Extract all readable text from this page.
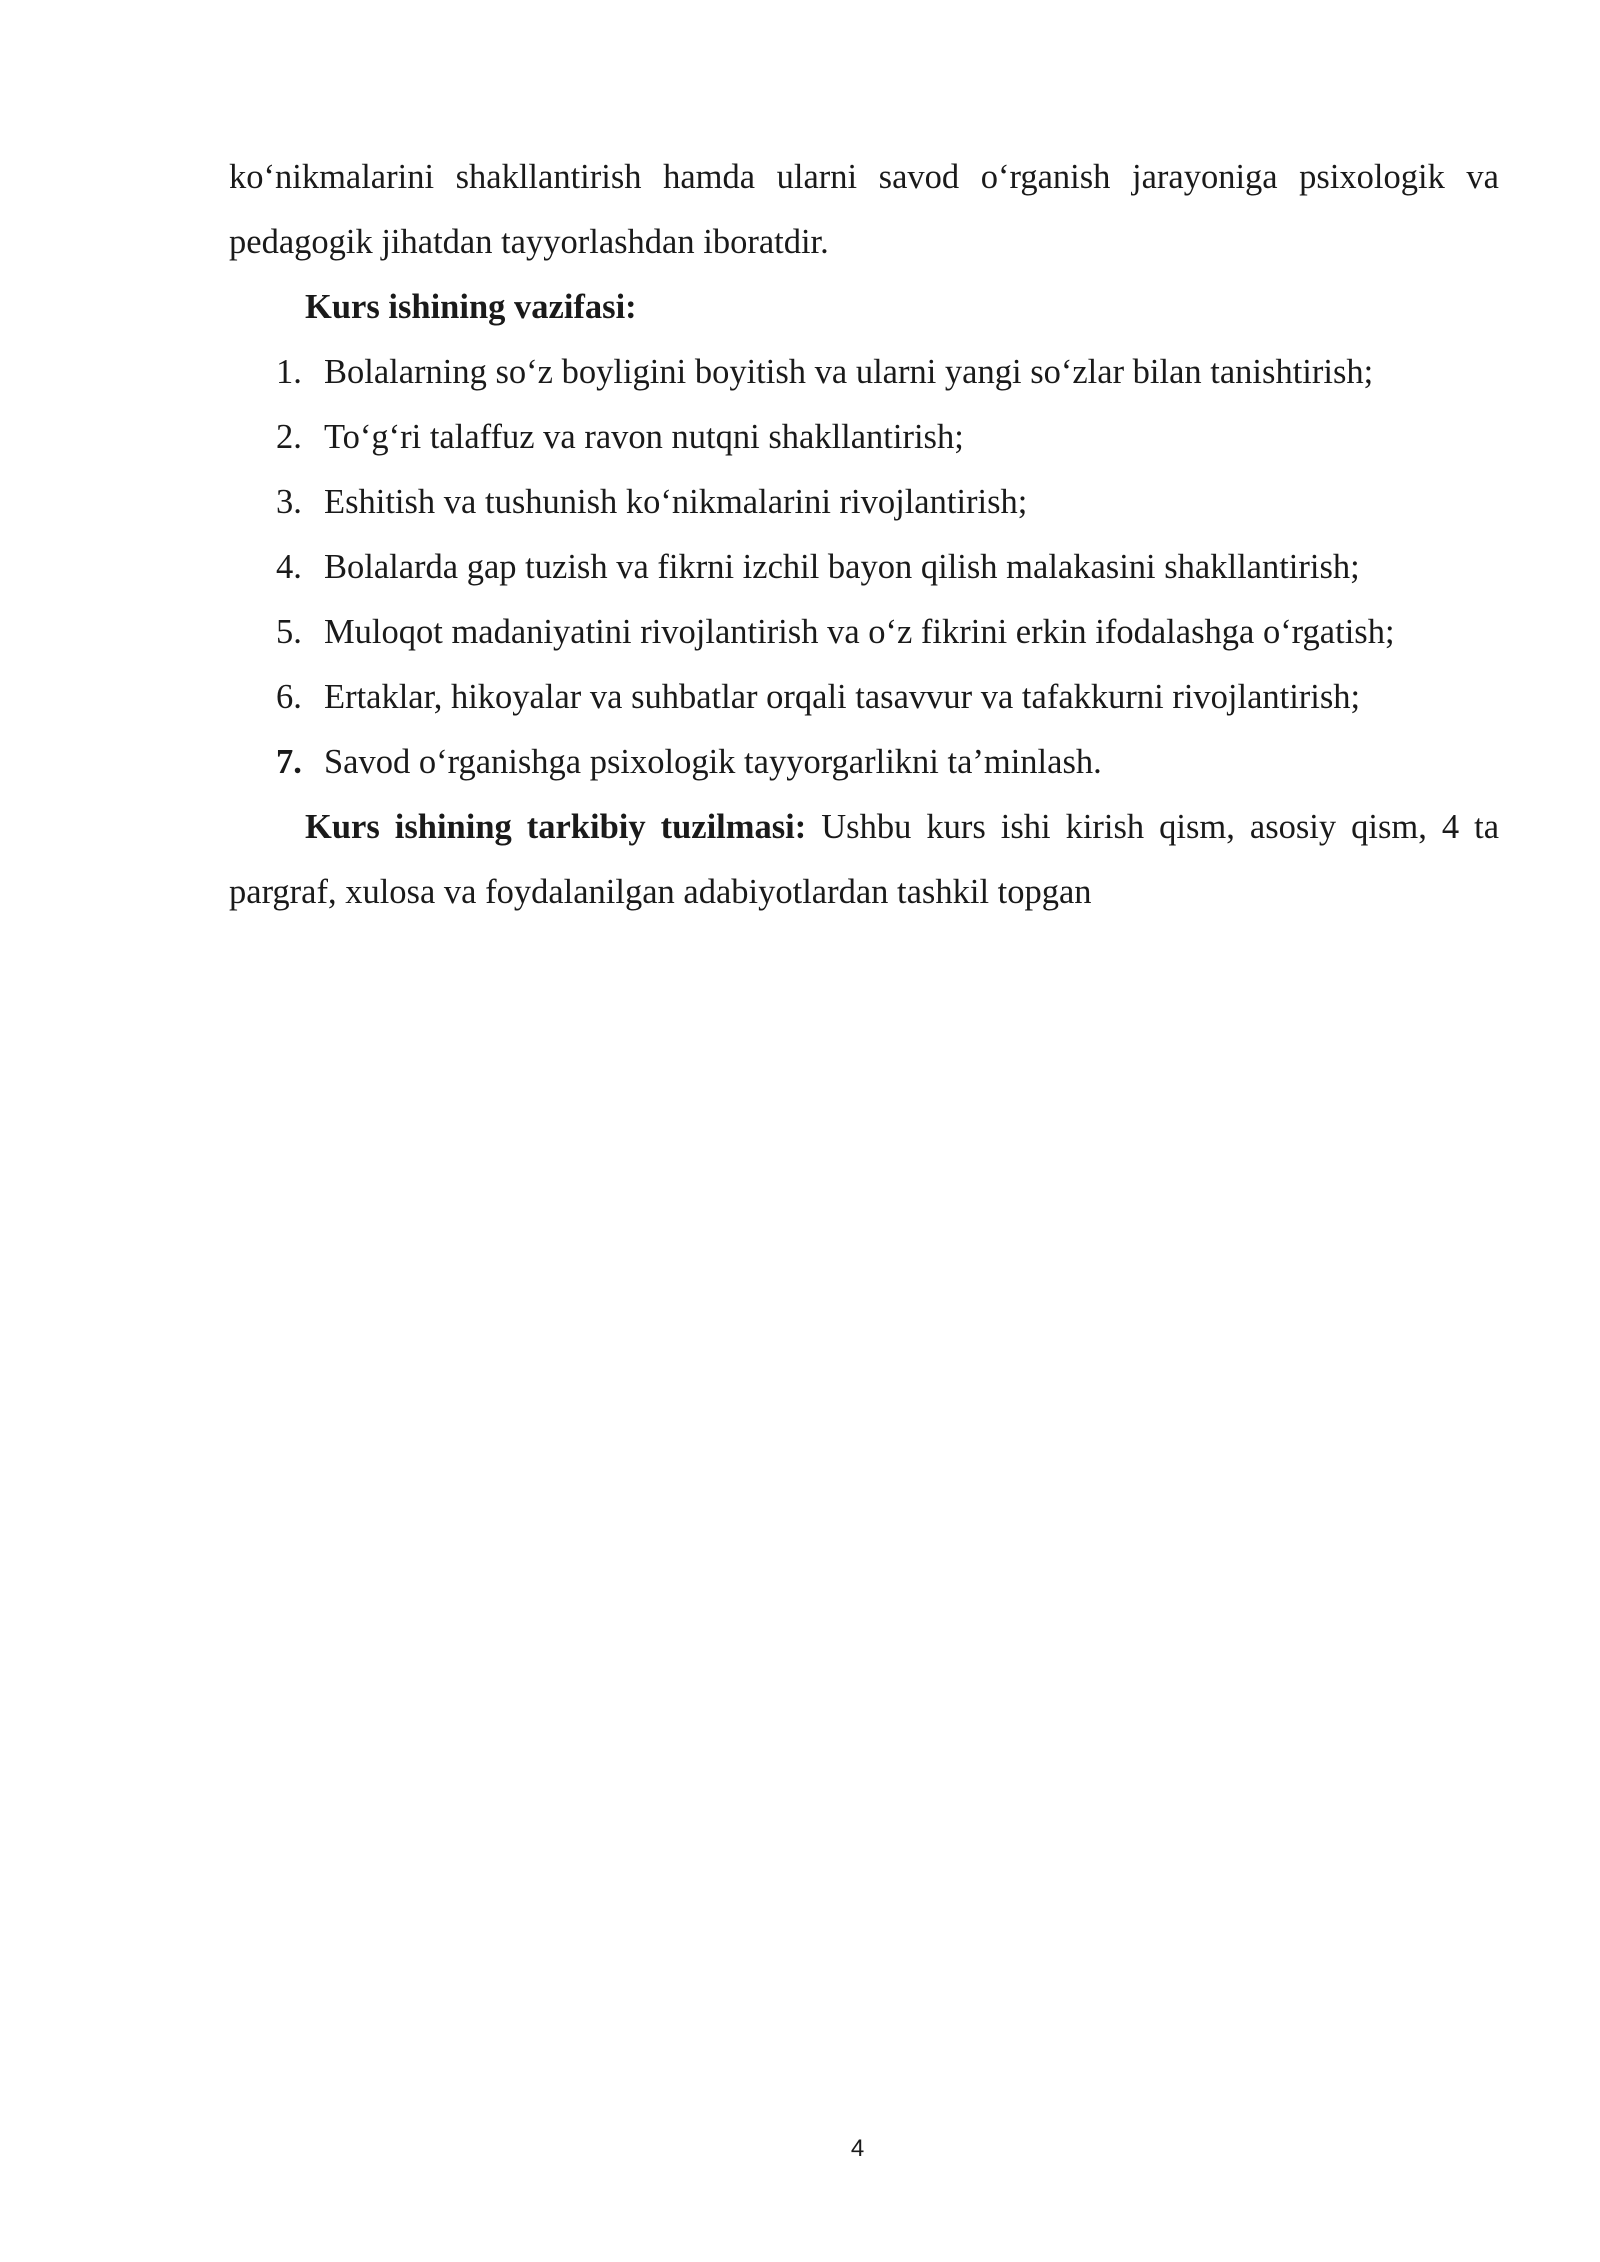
ko‘nikmalarini shakllantirish hamda ularni savod o‘rganish jarayoniga psixologik va pedagogik jihatdan tayyorlashdan iboratdir.

Kurs ishining vazifasi:

1. Bolalarning so‘z boyligini boyitish va ularni yangi so‘zlar bilan tanishtirish;
2. To‘g‘ri talaffuz va ravon nutqni shakllantirish;
3. Eshitish va tushunish ko‘nikmalarini rivojlantirish;
4. Bolalarda gap tuzish va fikrni izchil bayon qilish malakasini shakllantirish;
5. Muloqot madaniyatini rivojlantirish va o‘z fikrini erkin ifodalashga o‘rgatish;
6. Ertaklar, hikoyalar va suhbatlar orqali tasavvur va tafakkurni rivojlantirish;
7. Savod o‘rganishga psixologik tayyorgarlikni ta’minlash.

Kurs ishining tarkibiy tuzilmasi: Ushbu kurs ishi kirish qism, asosiy qism, 4 ta pargraf, xulosa va foydalanilgan adabiyotlardan tashkil topgan

4
